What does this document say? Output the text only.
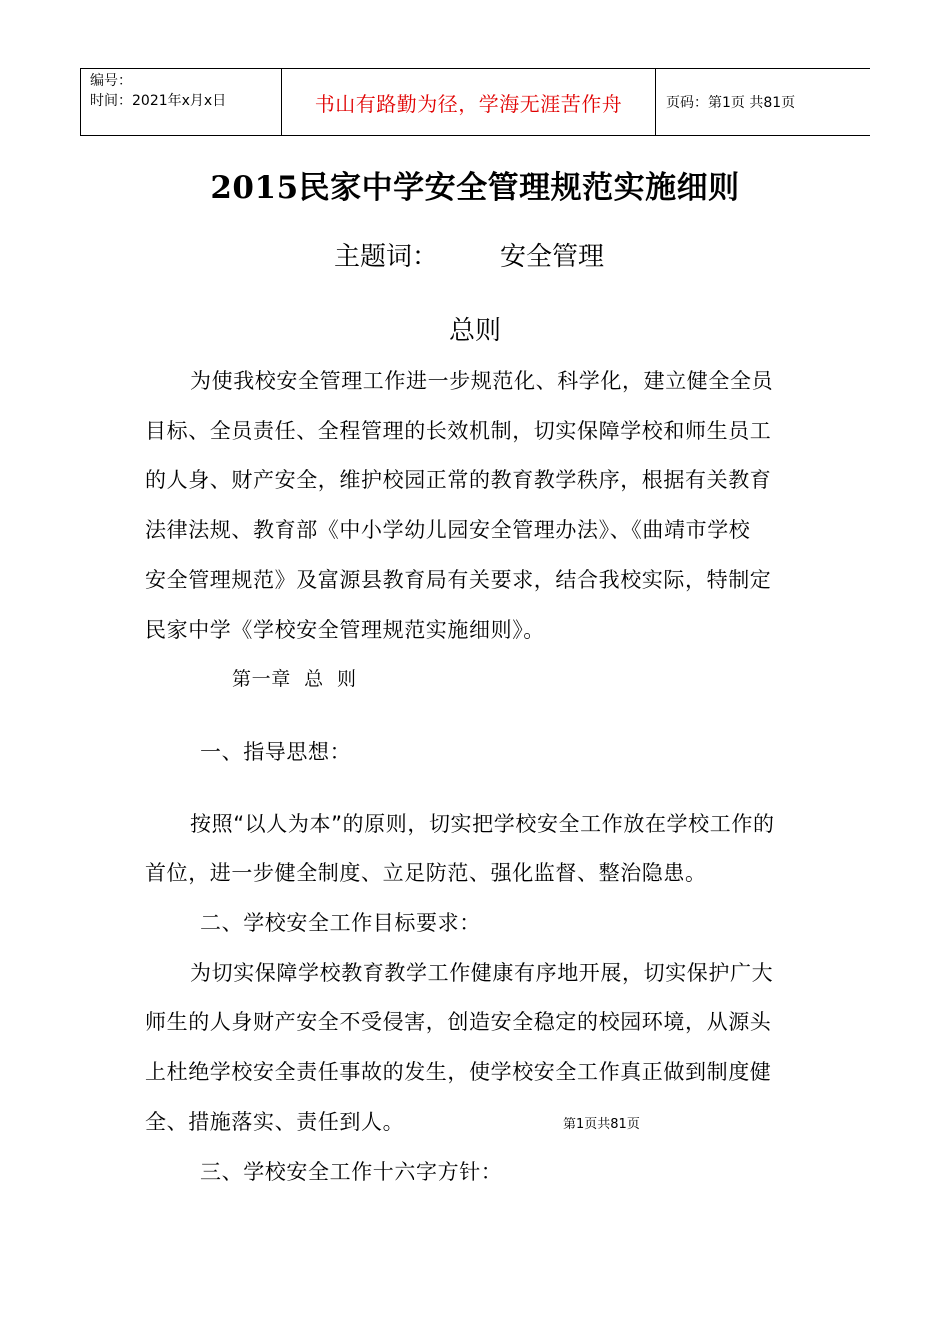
编号：
时间：2021年x月x日	书山有路勤为径，学海无涯苦作舟	页码：第1页 共81页
2015民家中学安全管理规范实施细则
主题词： 安全管理
总则
为使我校安全管理工作进一步规范化、科学化，建立健全全员
目标、全员责任、全程管理的长效机制，切实保障学校和师生员工
的人身、财产安全，维护校园正常的教育教学秩序，根据有关教育
法律法规、教育部《中小学幼儿园安全管理办法》、《曲靖市学校
安全管理规范》及富源县教育局有关要求，结合我校实际，特制定
民家中学《学校安全管理规范实施细则》。
第一章  总  则
一、指导思想：
按照“以人为本”的原则，切实把学校安全工作放在学校工作的
首位，进一步健全制度、立足防范、强化监督、整治隐患。
二、学校安全工作目标要求：
为切实保障学校教育教学工作健康有序地开展，切实保护广大
师生的人身财产安全不受侵害，创造安全稳定的校园环境，从源头
上杜绝学校安全责任事故的发生，使学校安全工作真正做到制度健
全、措施落实、责任到人。	第1页共81页
三、学校安全工作十六字方针：
